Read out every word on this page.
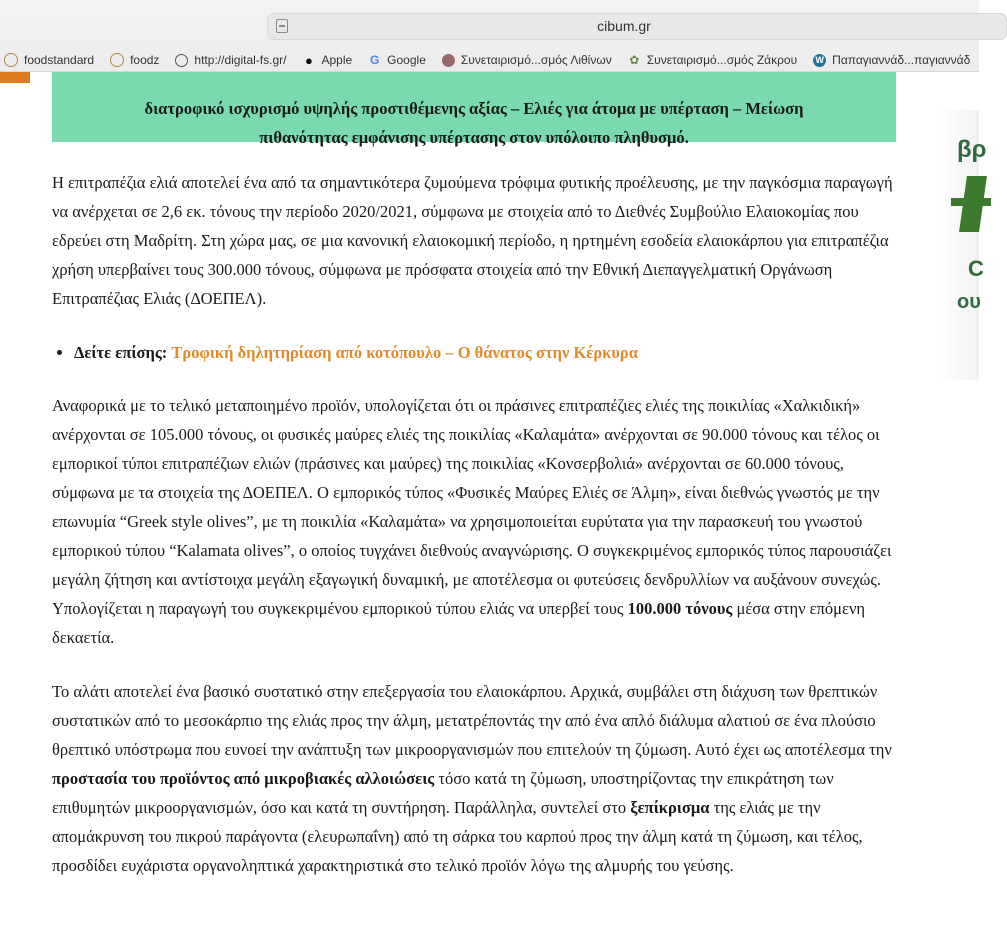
διατροφικό ισχυρισμό υψηλής προστιθέμενης αξίας – Ελιές για άτομα με υπέρταση – Μείωση
πιθανότητας εμφάνισης υπέρτασης στον υπόλοιπο πληθυσμό.

Η επιτραπέζια ελιά αποτελεί ένα από τα σημαντικότερα ζυμούμενα τρόφιμα φυτικής προέλευσης, με την παγκόσμια παραγωγή να ανέρχεται σε 2,6 εκ. τόνους την περίοδο 2020/2021, σύμφωνα με στοιχεία από το Διεθνές Συμβούλιο Ελαιοκομίας που εδρεύει στη Μαδρίτη. Στη χώρα μας, σε μια κανονική ελαιοκομική περίοδο, η ηρτημένη εσοδεία ελαιοκάρπου για επιτραπέζια χρήση υπερβαίνει τους 300.000 τόνους, σύμφωνα με πρόσφατα στοιχεία από την Εθνική Διεπαγγελματική Οργάνωση Επιτραπέζιας Ελιάς (ΔΟΕΠΕΛ).

• Δείτε επίσης: Τροφική δηλητηρίαση από κοτόπουλο – Ο θάνατος στην Κέρκυρα

Αναφορικά με το τελικό μεταποιημένο προϊόν, υπολογίζεται ότι οι πράσινες επιτραπέζιες ελιές της ποικιλίας «Χαλκιδική» ανέρχονται σε 105.000 τόνους, οι φυσικές μαύρες ελιές της ποικιλίας «Καλαμάτα» ανέρχονται σε 90.000 τόνους και τέλος οι εμπορικοί τύποι επιτραπέζιων ελιών (πράσινες και μαύρες) της ποικιλίας «Κονσερβολιά» ανέρχονται σε 60.000 τόνους, σύμφωνα με τα στοιχεία της ΔΟΕΠΕΛ. Ο εμπορικός τύπος «Φυσικές Μαύρες Ελιές σε Άλμη», είναι διεθνώς γνωστός με την επωνυμία “Greek style olives”, με τη ποικιλία «Καλαμάτα» να χρησιμοποιείται ευρύτατα για την παρασκευή του γνωστού εμπορικού τύπου “Kalamata olives”, ο οποίος τυγχάνει διεθνούς αναγνώρισης. Ο συγκεκριμένος εμπορικός τύπος παρουσιάζει μεγάλη ζήτηση και αντίστοιχα μεγάλη εξαγωγική δυναμική, με αποτέλεσμα οι φυτεύσεις δενδρυλλίων να αυξάνουν συνεχώς. Υπολογίζεται η παραγωγή του συγκεκριμένου εμπορικού τύπου ελιάς να υπερβεί τους 100.000 τόνους μέσα στην επόμενη δεκαετία.

Το αλάτι αποτελεί ένα βασικό συστατικό στην επεξεργασία του ελαιοκάρπου. Αρχικά, συμβάλει στη διάχυση των θρεπτικών συστατικών από το μεσοκάρπιο της ελιάς προς την άλμη, μετατρέποντάς την από ένα απλό διάλυμα αλατιού σε ένα πλούσιο θρεπτικό υπόστρωμα που ευνοεί την ανάπτυξη των μικροοργανισμών που επιτελούν τη ζύμωση. Αυτό έχει ως αποτέλεσμα την προστασία του προϊόντος από μικροβιακές αλλοιώσεις τόσο κατά τη ζύμωση, υποστηρίζοντας την επικράτηση των επιθυμητών μικροοργανισμών, όσο και κατά τη συντήρηση. Παράλληλα, συντελεί στο ξεπίκρισμα της ελιάς με την απομάκρυνση του πικρού παράγοντα (ελευρωπαΐνη) από τη σάρκα του καρπού προς την άλμη κατά τη ζύμωση, και τέλος, προσδίδει ευχάριστα οργανοληπτικά χαρακτηριστικά στο τελικό προϊόν λόγω της αλμυρής του γεύσης.

βρ
C
ου
cibum.gr
foodstandard	foodz	http://digital-fs.gr/ ● Apple G Google	Συνεταιρισμό...σμός Λιθίνων ✿ Συνεταιρισμό...σμός Ζάκρου W Παπαγιαννάδ...παγιαννάδ
